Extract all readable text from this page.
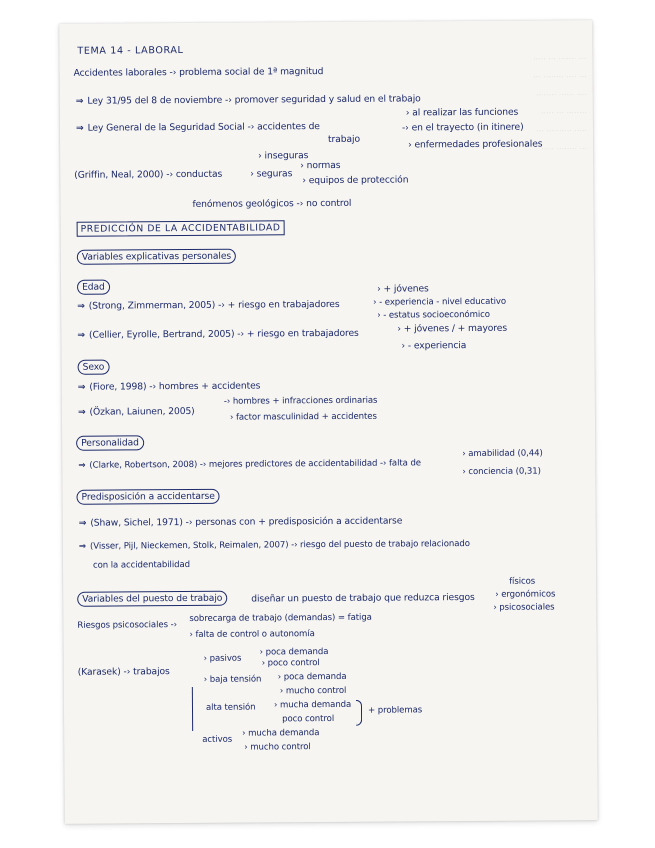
··· ······· ··· ·····
··· ···· ········ ···
···· ······ ········
········ ··· ·····
····· ·········· ···
··· ········ ·····
TEMA 14 - LABORAL
Accidentes laborales -› problema social de 1ª magnitud
⇒ Ley 31/95 del 8 de noviembre -› promover seguridad y salud en el trabajo
⇒ Ley General de la Seguridad Social -› accidentes de
trabajo
› al realizar las funciones
-› en el trayecto (in itinere)
› enfermedades profesionales
› inseguras
(Griffin, Neal, 2000) -› conductas	› seguras
› normas
› equipos de protección
fenómenos geológicos -› no control
PREDICCIÓN DE LA ACCIDENTABILIDAD
Variables explicativas personales
Edad	› + jóvenes
⇒ (Strong, Zimmerman, 2005) -› + riesgo en trabajadores	› - experiencia - nivel educativo
› - estatus socioeconómico
⇒ (Cellier, Eyrolle, Bertrand, 2005) -› + riesgo en trabajadores	› + jóvenes / + mayores
› - experiencia
Sexo
⇒ (Fiore, 1998) -› hombres + accidentes
⇒ (Özkan, Laiunen, 2005)
-› hombres + infracciones ordinarias
› factor masculinidad + accidentes
Personalidad
⇒ (Clarke, Robertson, 2008) -› mejores predictores de accidentabilidad -› falta de
› amabilidad (0,44)
› conciencia (0,31)
Predisposición a accidentarse
⇒ (Shaw, Sichel, 1971) -› personas con + predisposición a accidentarse
⇒ (Visser, Pijl, Nieckemen, Stolk, Reimalen, 2007) -› riesgo del puesto de trabajo relacionado
con la accidentabilidad
Variables del puesto de trabajo	diseñar un puesto de trabajo que reduzca riesgos
físicos
› ergonómicos
› psicosociales
Riesgos psicosociales -›
sobrecarga de trabajo (demandas) = fatiga
› falta de control o autonomía
(Karasek) -› trabajos
› pasivos
› poca demanda
› poco control
› baja tensión › poca demanda
› mucho control
alta tensión › mucha demanda
poco control
+ problemas
activos
› mucha demanda
› mucho control
